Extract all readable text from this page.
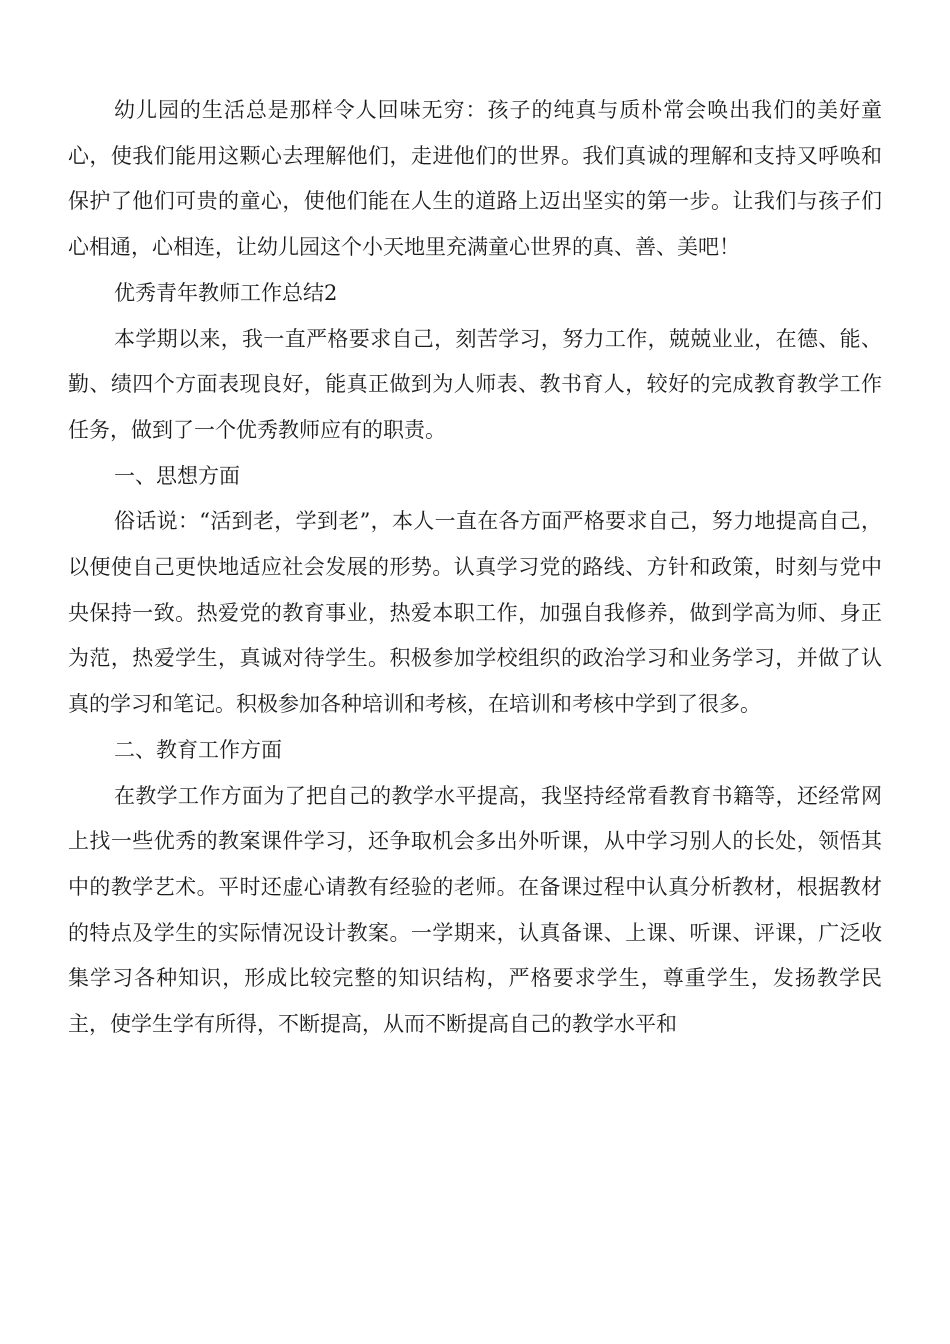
幼儿园的生活总是那样令人回味无穷：孩子的纯真与质朴常会唤出我们的美好童心，使我们能用这颗心去理解他们，走进他们的世界。我们真诚的理解和支持又呼唤和保护了他们可贵的童心，使他们能在人生的道路上迈出坚实的第一步。让我们与孩子们心相通，心相连，让幼儿园这个小天地里充满童心世界的真、善、美吧！

优秀青年教师工作总结2

本学期以来，我一直严格要求自己，刻苦学习，努力工作，兢兢业业，在德、能、勤、绩四个方面表现良好，能真正做到为人师表、教书育人，较好的完成教育教学工作任务，做到了一个优秀教师应有的职责。

一、思想方面

俗话说：“活到老，学到老”，本人一直在各方面严格要求自己，努力地提高自己，以便使自己更快地适应社会发展的形势。认真学习党的路线、方针和政策，时刻与党中央保持一致。热爱党的教育事业，热爱本职工作，加强自我修养，做到学高为师、身正为范，热爱学生，真诚对待学生。积极参加学校组织的政治学习和业务学习，并做了认真的学习和笔记。积极参加各种培训和考核，在培训和考核中学到了很多。

二、教育工作方面

在教学工作方面为了把自己的教学水平提高，我坚持经常看教育书籍等，还经常网上找一些优秀的教案课件学习，还争取机会多出外听课，从中学习别人的长处，领悟其中的教学艺术。平时还虚心请教有经验的老师。在备课过程中认真分析教材，根据教材的特点及学生的实际情况设计教案。一学期来，认真备课、上课、听课、评课，广泛收集学习各种知识，形成比较完整的知识结构，严格要求学生，尊重学生，发扬教学民主，使学生学有所得，不断提高，从而不断提高自己的教学水平和
